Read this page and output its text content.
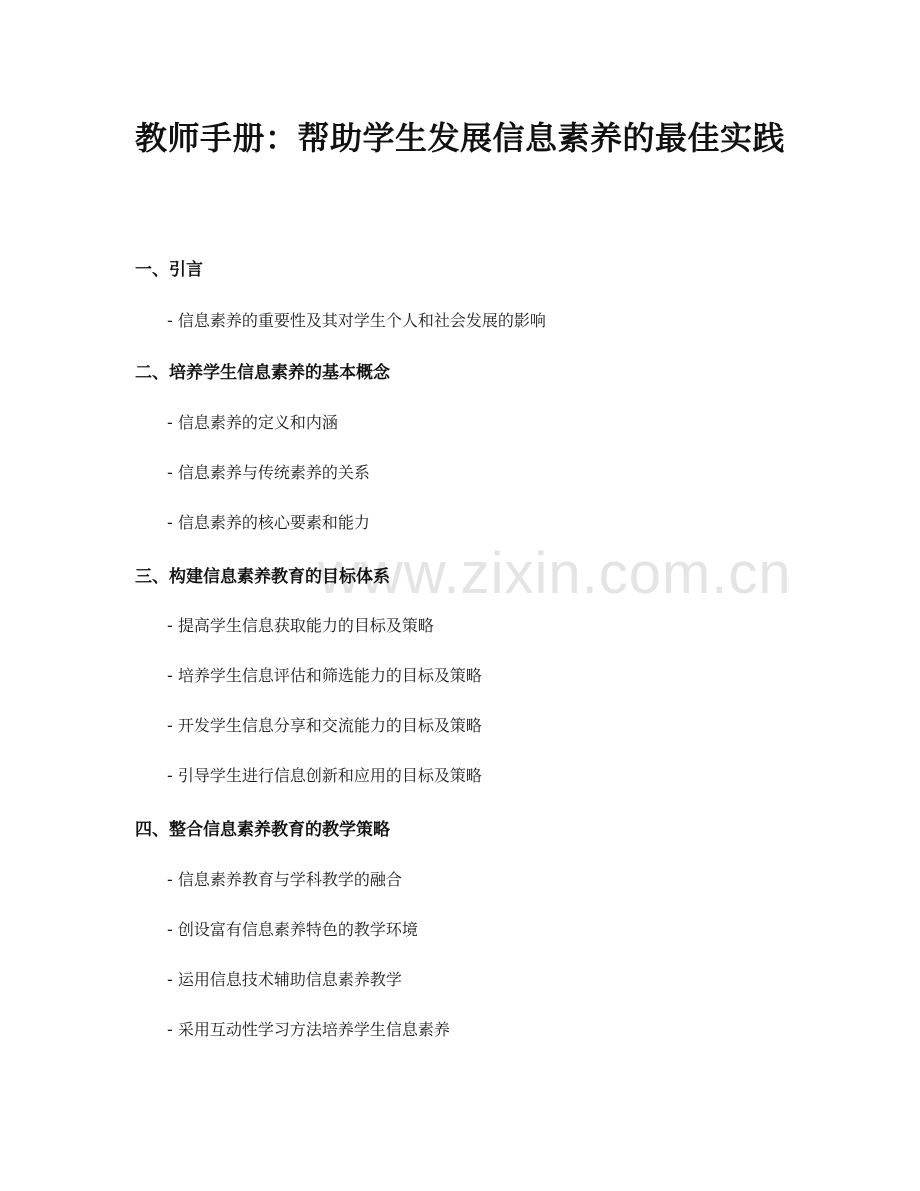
www.zixin.com.cn
教师手册：帮助学生发展信息素养的最佳实践
一、引言
- 信息素养的重要性及其对学生个人和社会发展的影响
二、培养学生信息素养的基本概念
- 信息素养的定义和内涵
- 信息素养与传统素养的关系
- 信息素养的核心要素和能力
三、构建信息素养教育的目标体系
- 提高学生信息获取能力的目标及策略
- 培养学生信息评估和筛选能力的目标及策略
- 开发学生信息分享和交流能力的目标及策略
- 引导学生进行信息创新和应用的目标及策略
四、整合信息素养教育的教学策略
- 信息素养教育与学科教学的融合
- 创设富有信息素养特色的教学环境
- 运用信息技术辅助信息素养教学
- 采用互动性学习方法培养学生信息素养
